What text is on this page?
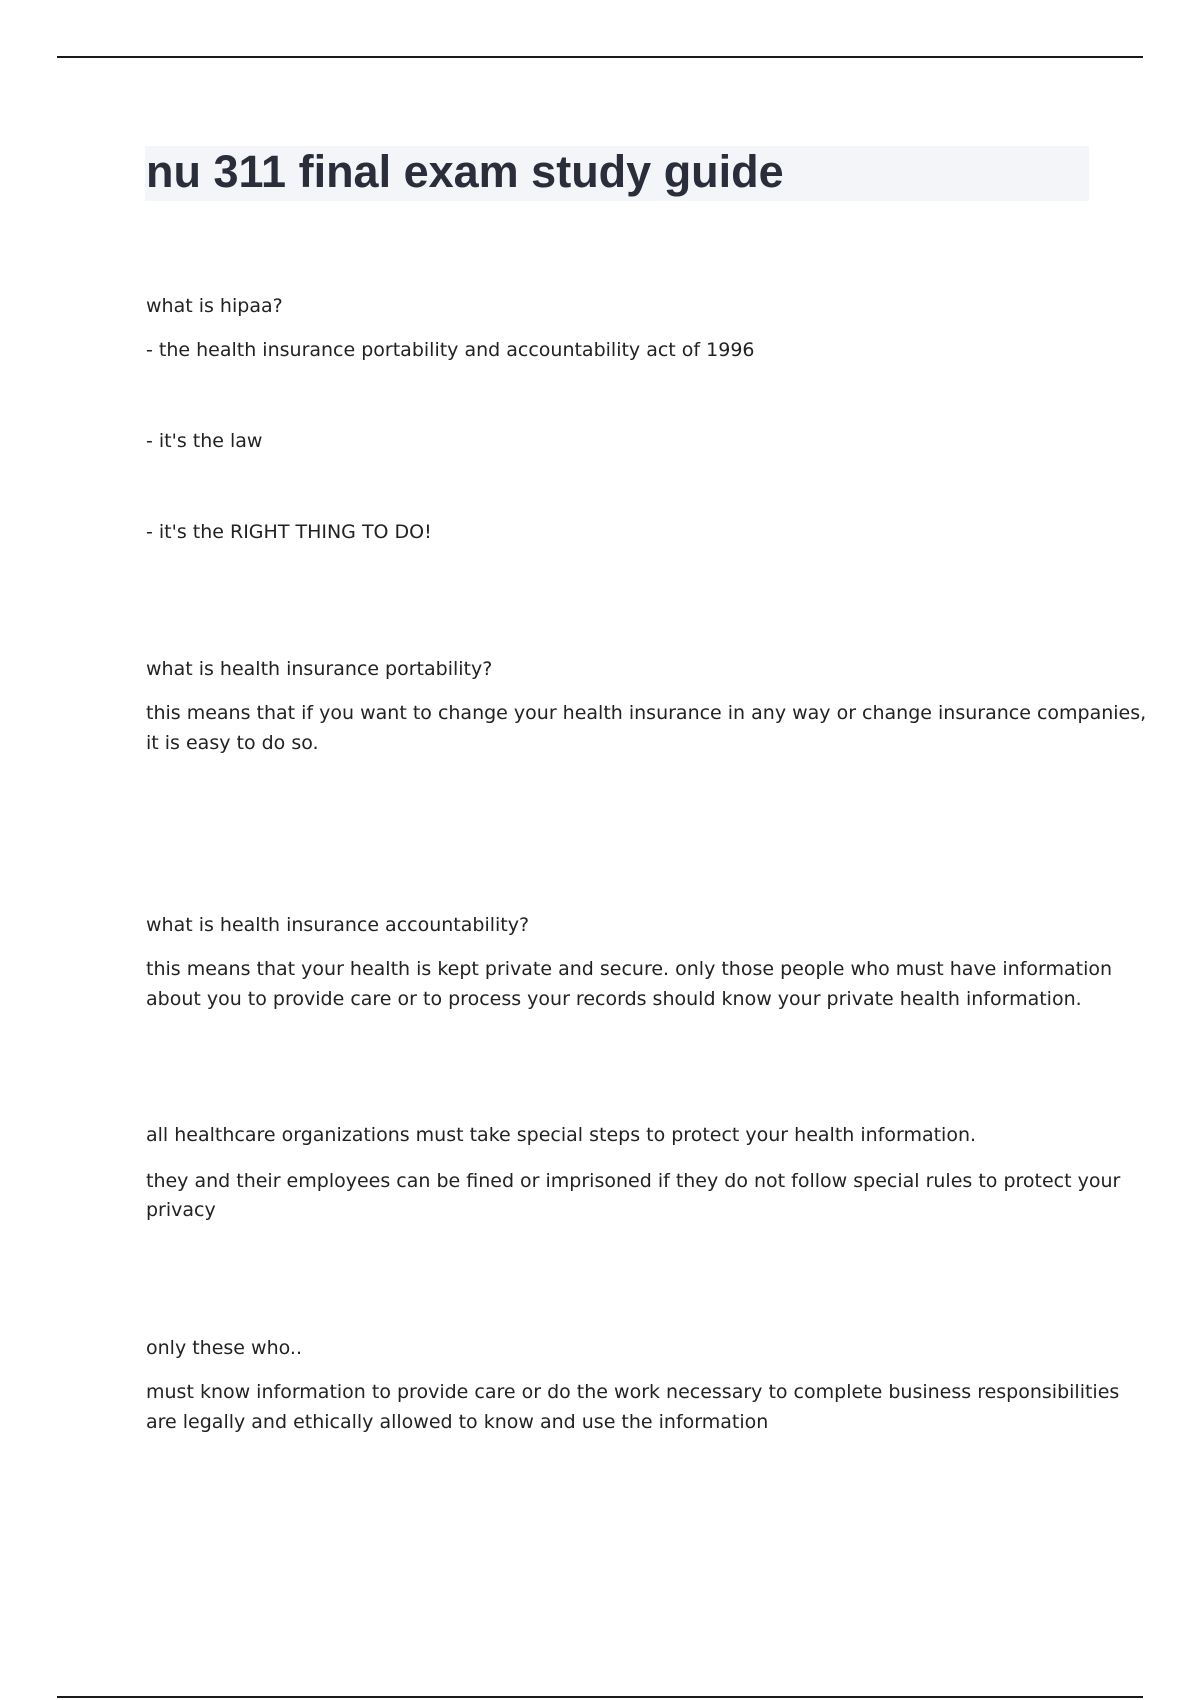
nu 311 final exam study guide

what is hipaa?

- the health insurance portability and accountability act of 1996

- it's the law

- it's the RIGHT THING TO DO!

what is health insurance portability?

this means that if you want to change your health insurance in any way or change insurance companies,

it is easy to do so.

what is health insurance accountability?

this means that your health is kept private and secure. only those people who must have information

about you to provide care or to process your records should know your private health information.

all healthcare organizations must take special steps to protect your health information.

they and their employees can be fined or imprisoned if they do not follow special rules to protect your

privacy

only these who..

must know information to provide care or do the work necessary to complete business responsibilities

are legally and ethically allowed to know and use the information
